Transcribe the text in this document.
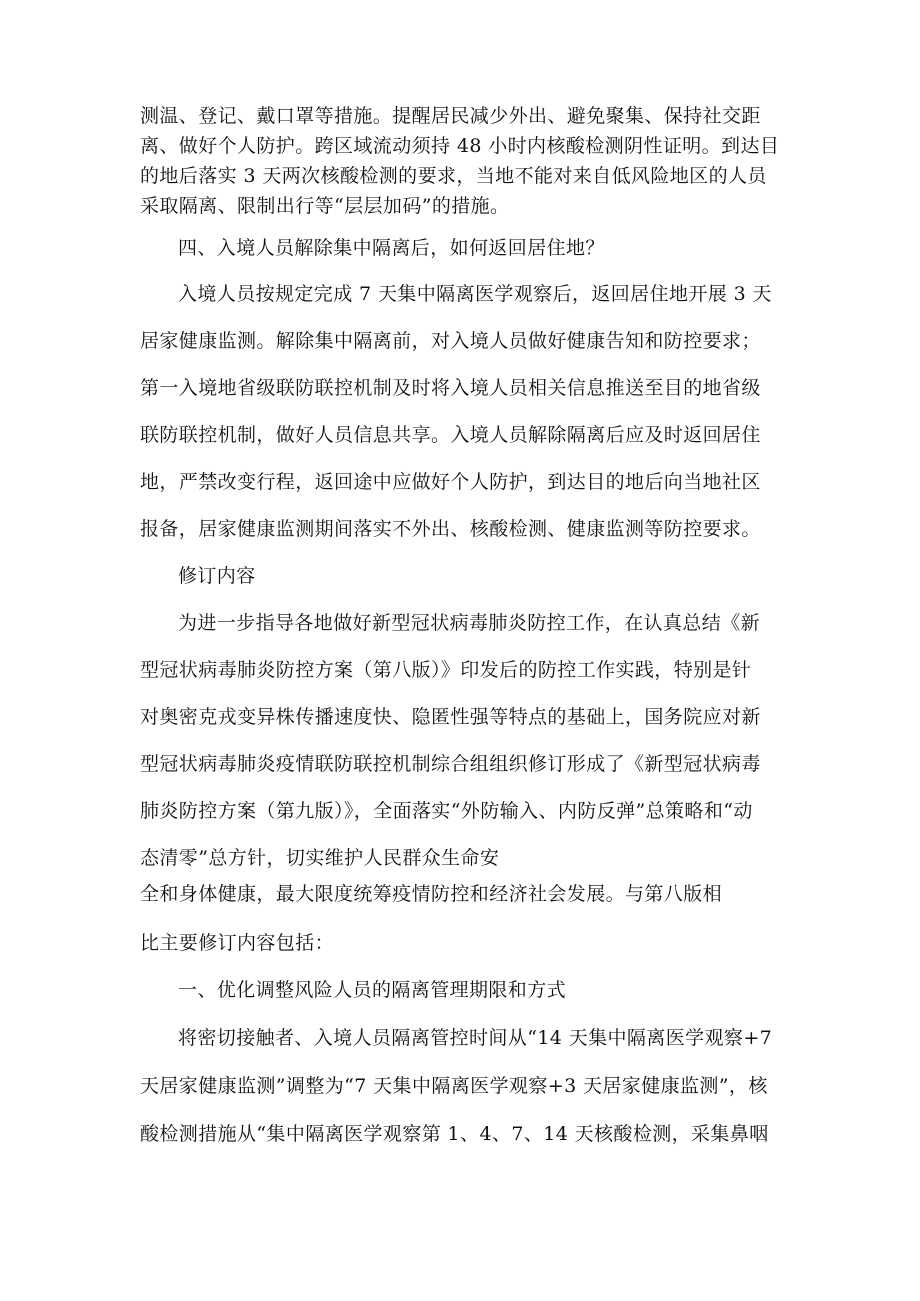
测温、登记、戴口罩等措施。提醒居民减少外出、避免聚集、保持社交距

离、做好个人防护。跨区域流动须持 48 小时内核酸检测阴性证明。到达目

的地后落实 3 天两次核酸检测的要求，当地不能对来自低风险地区的人员

采取隔离、限制出行等“层层加码”的措施。

四、入境人员解除集中隔离后，如何返回居住地？

入境人员按规定完成 7 天集中隔离医学观察后，返回居住地开展 3 天

居家健康监测。解除集中隔离前，对入境人员做好健康告知和防控要求；

第一入境地省级联防联控机制及时将入境人员相关信息推送至目的地省级

联防联控机制，做好人员信息共享。入境人员解除隔离后应及时返回居住

地，严禁改变行程，返回途中应做好个人防护，到达目的地后向当地社区

报备，居家健康监测期间落实不外出、核酸检测、健康监测等防控要求。

修订内容

为进一步指导各地做好新型冠状病毒肺炎防控工作，在认真总结《新

型冠状病毒肺炎防控方案（第八版）》印发后的防控工作实践，特别是针

对奥密克戎变异株传播速度快、隐匿性强等特点的基础上，国务院应对新

型冠状病毒肺炎疫情联防联控机制综合组组织修订形成了《新型冠状病毒

肺炎防控方案（第九版）》，全面落实“外防输入、内防反弹”总策略和“动

态清零”总方针，切实维护人民群众生命安

全和身体健康，最大限度统筹疫情防控和经济社会发展。与第八版相

比主要修订内容包括：

一、优化调整风险人员的隔离管理期限和方式

将密切接触者、入境人员隔离管控时间从“14 天集中隔离医学观察+7

天居家健康监测”调整为“7 天集中隔离医学观察+3 天居家健康监测”，核

酸检测措施从“集中隔离医学观察第 1、4、7、14 天核酸检测，采集鼻咽
